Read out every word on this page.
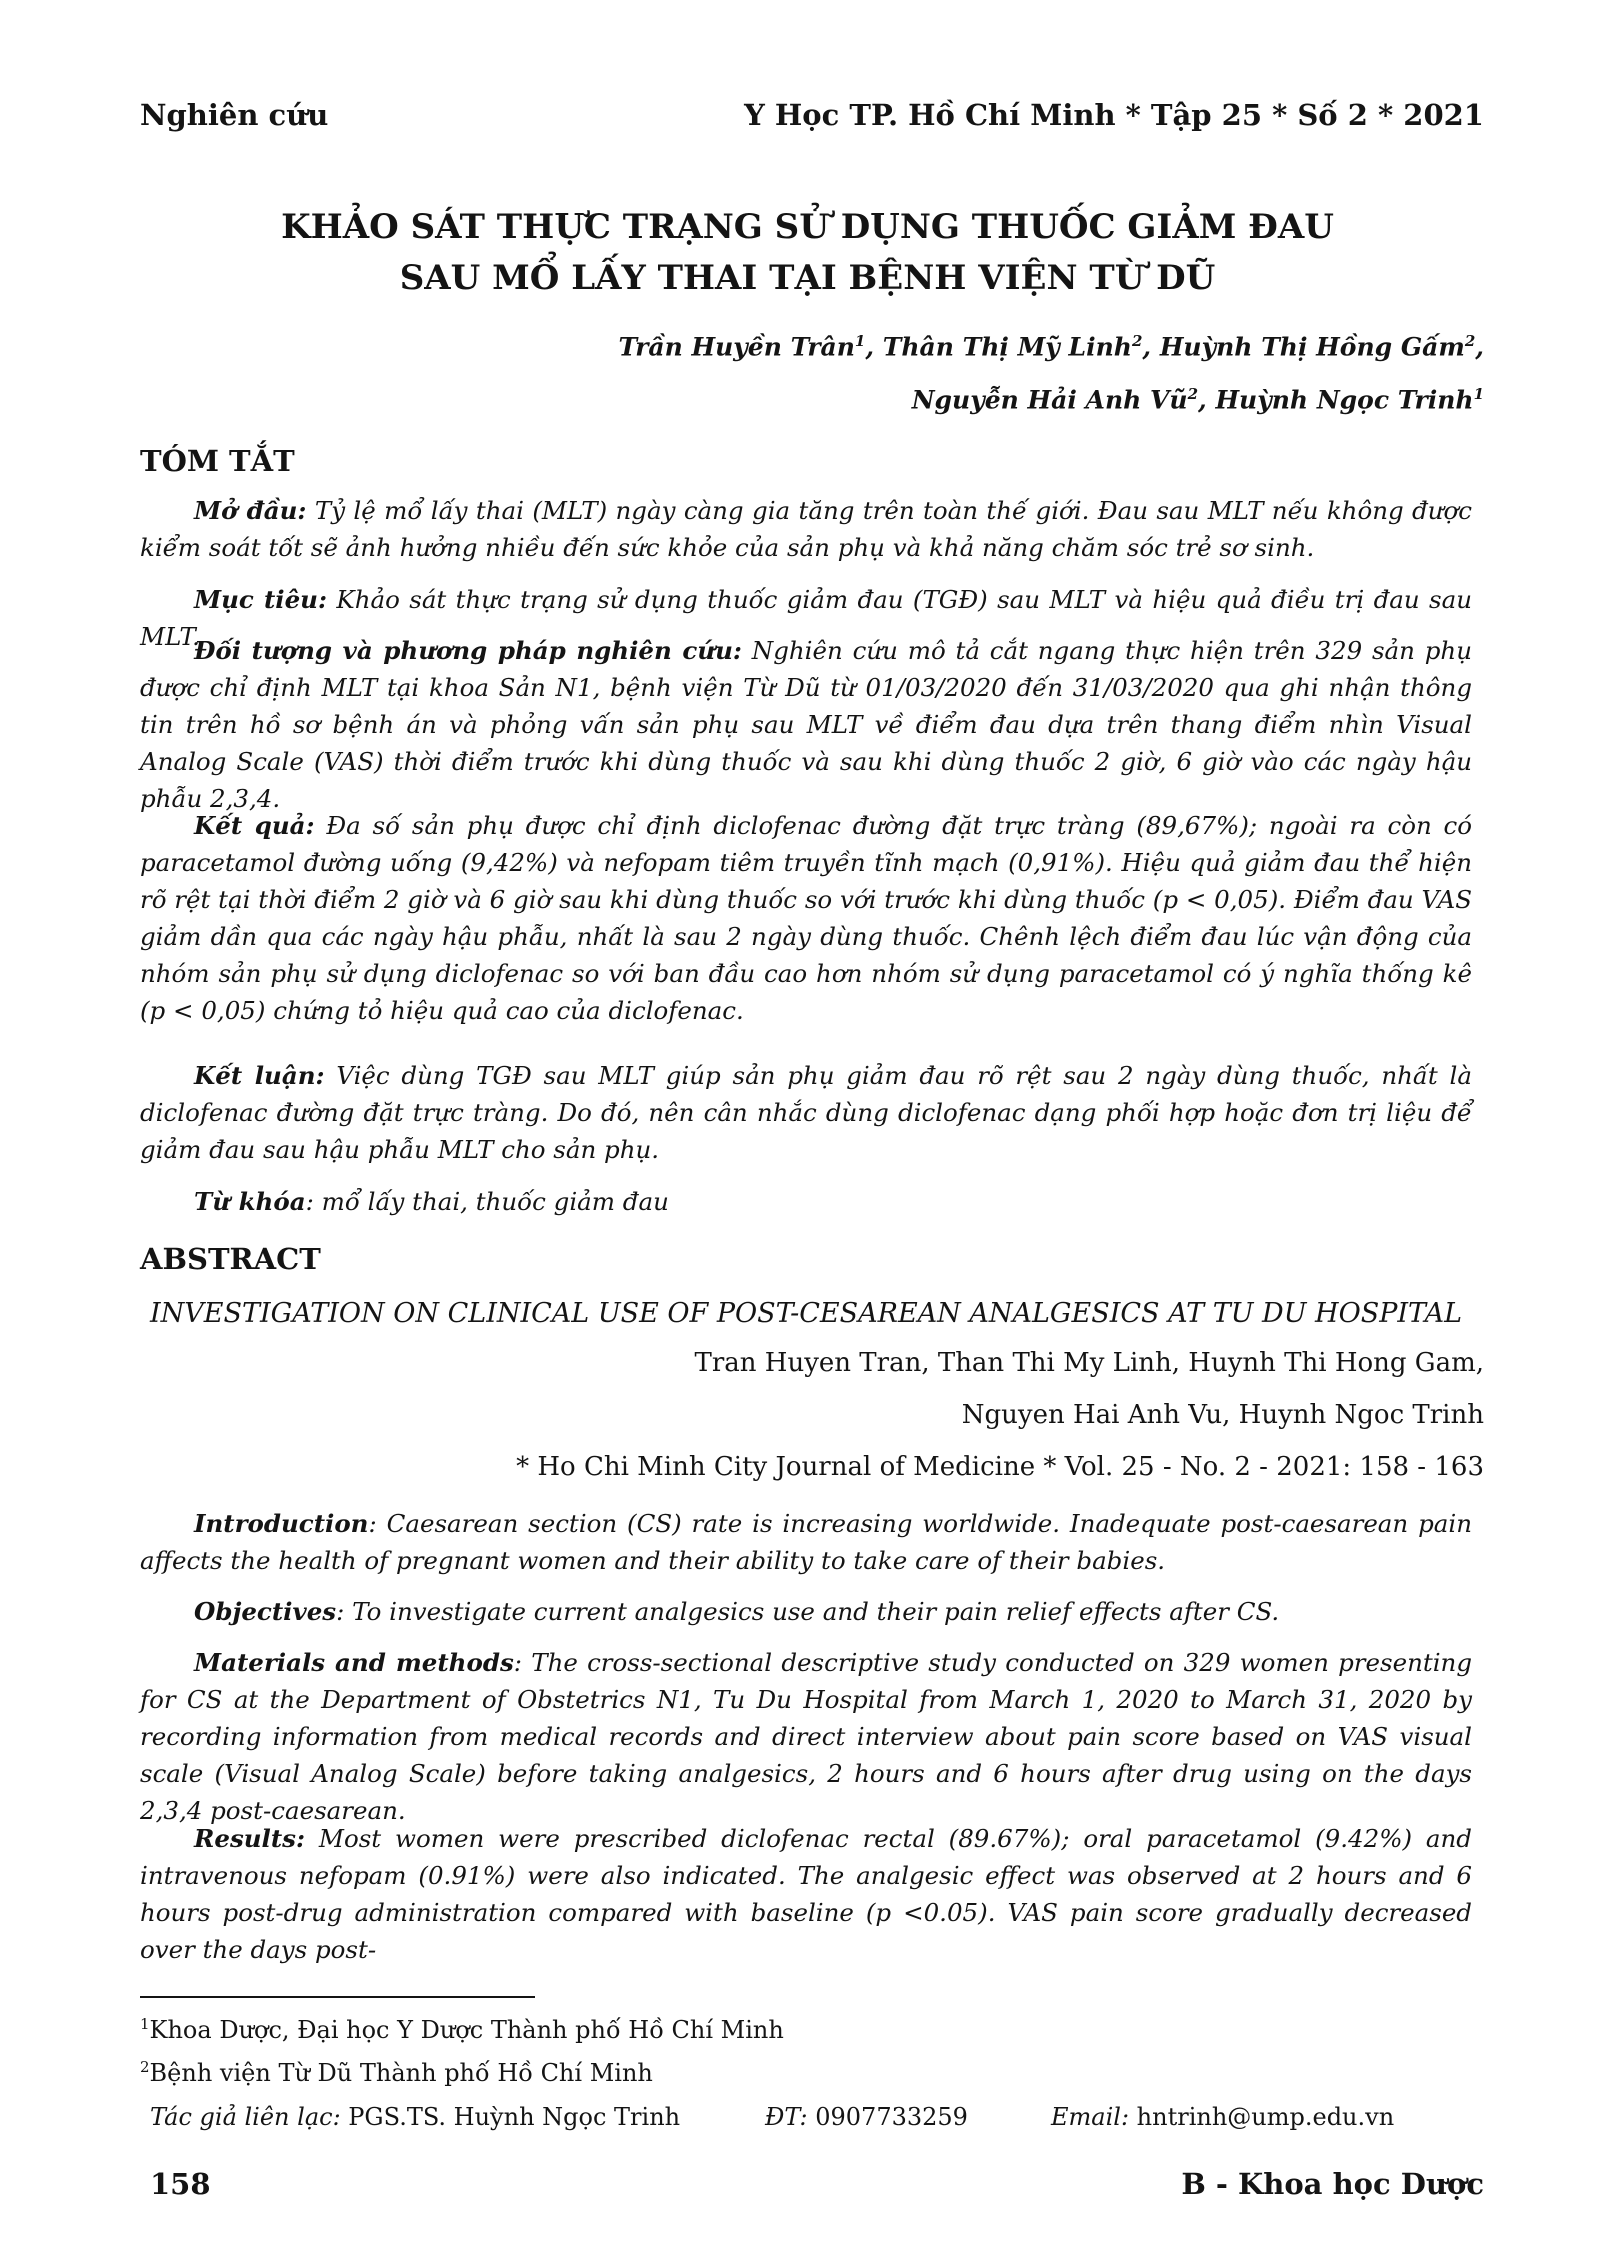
Nghiên cứu	Y Học TP. Hồ Chí Minh * Tập 25 * Số 2 * 2021
KHẢO SÁT THỰC TRẠNG SỬ DỤNG THUỐC GIẢM ĐAU
SAU MỔ LẤY THAI TẠI BỆNH VIỆN TỪ DŨ
Trần Huyền Trân$^1$, Thân Thị Mỹ Linh$^2$, Huỳnh Thị Hồng Gấm$^2$,
Nguyễn Hải Anh $Vũ^2$, Huỳnh Ngọc Trinh$^1$
TÓM TẮT
Mở đầu: Tỷ lệ mổ lấy thai (MLT) ngày càng gia tăng trên toàn thế giới. Đau sau MLT nếu không được kiểm soát tốt sẽ ảnh hưởng nhiều đến sức khỏe của sản phụ và khả năng chăm sóc trẻ sơ sinh.
Mục tiêu: Khảo sát thực trạng sử dụng thuốc giảm đau (TGĐ) sau MLT và hiệu quả điều trị đau sau MLT.
Đối tượng và phương pháp nghiên cứu: Nghiên cứu mô tả cắt ngang thực hiện trên 329 sản phụ được chỉ định MLT tại khoa Sản N1, bệnh viện Từ Dũ từ 01/03/2020 đến 31/03/2020 qua ghi nhận thông tin trên hồ sơ bệnh án và phỏng vấn sản phụ sau MLT về điểm đau dựa trên thang điểm nhìn Visual Analog Scale (VAS) thời điểm trước khi dùng thuốc và sau khi dùng thuốc 2 giờ, 6 giờ vào các ngày hậu phẫu 2,3,4.
Kết quả: Đa số sản phụ được chỉ định diclofenac đường đặt trực tràng (89,67%); ngoài ra còn có paracetamol đường uống (9,42%) và nefopam tiêm truyền tĩnh mạch (0,91%). Hiệu quả giảm đau thể hiện rõ rệt tại thời điểm 2 giờ và 6 giờ sau khi dùng thuốc so với trước khi dùng thuốc (p < 0,05). Điểm đau VAS giảm dần qua các ngày hậu phẫu, nhất là sau 2 ngày dùng thuốc. Chênh lệch điểm đau lúc vận động của nhóm sản phụ sử dụng diclofenac so với ban đầu cao hơn nhóm sử dụng paracetamol có ý nghĩa thống kê (p < 0,05) chứng tỏ hiệu quả cao của diclofenac.
Kết luận: Việc dùng TGĐ sau MLT giúp sản phụ giảm đau rõ rệt sau 2 ngày dùng thuốc, nhất là diclofenac đường đặt trực tràng. Do đó, nên cân nhắc dùng diclofenac dạng phối hợp hoặc đơn trị liệu để giảm đau sau hậu phẫu MLT cho sản phụ.
Từ khóa: mổ lấy thai, thuốc giảm đau
ABSTRACT
INVESTIGATION ON CLINICAL USE OF POST-CESAREAN ANALGESICS AT TU DU HOSPITAL
Tran Huyen Tran, Than Thi My Linh, Huynh Thi Hong Gam,
Nguyen Hai Anh Vu, Huynh Ngoc Trinh
* Ho Chi Minh City Journal of Medicine * Vol. 25 - No. 2 - 2021: 158 - 163
Introduction: Caesarean section (CS) rate is increasing worldwide. Inadequate post-caesarean pain affects the health of pregnant women and their ability to take care of their babies.
Objectives: To investigate current analgesics use and their pain relief effects after CS.
Materials and methods: The cross-sectional descriptive study conducted on 329 women presenting for CS at the Department of Obstetrics N1, Tu Du Hospital from March 1, 2020 to March 31, 2020 by recording information from medical records and direct interview about pain score based on VAS visual scale (Visual Analog Scale) before taking analgesics, 2 hours and 6 hours after drug using on the days 2,3,4 post-caesarean.
Results: Most women were prescribed diclofenac rectal (89.67%); oral paracetamol (9.42%) and intravenous nefopam (0.91%) were also indicated. The analgesic effect was observed at 2 hours and 6 hours post-drug administration compared with baseline (p <0.05). VAS pain score gradually decreased over the days post-
$^1$Khoa Dược, Đại học Y Dược Thành phố Hồ Chí Minh
$^2$Bệnh viện Từ Dũ Thành phố Hồ Chí Minh
Tác giả liên lạc: PGS.TS. Huỳnh Ngọc Trinh	ĐT: 0907733259	Email: hntrinh@ump.edu.vn
158	B - Khoa học Dược
